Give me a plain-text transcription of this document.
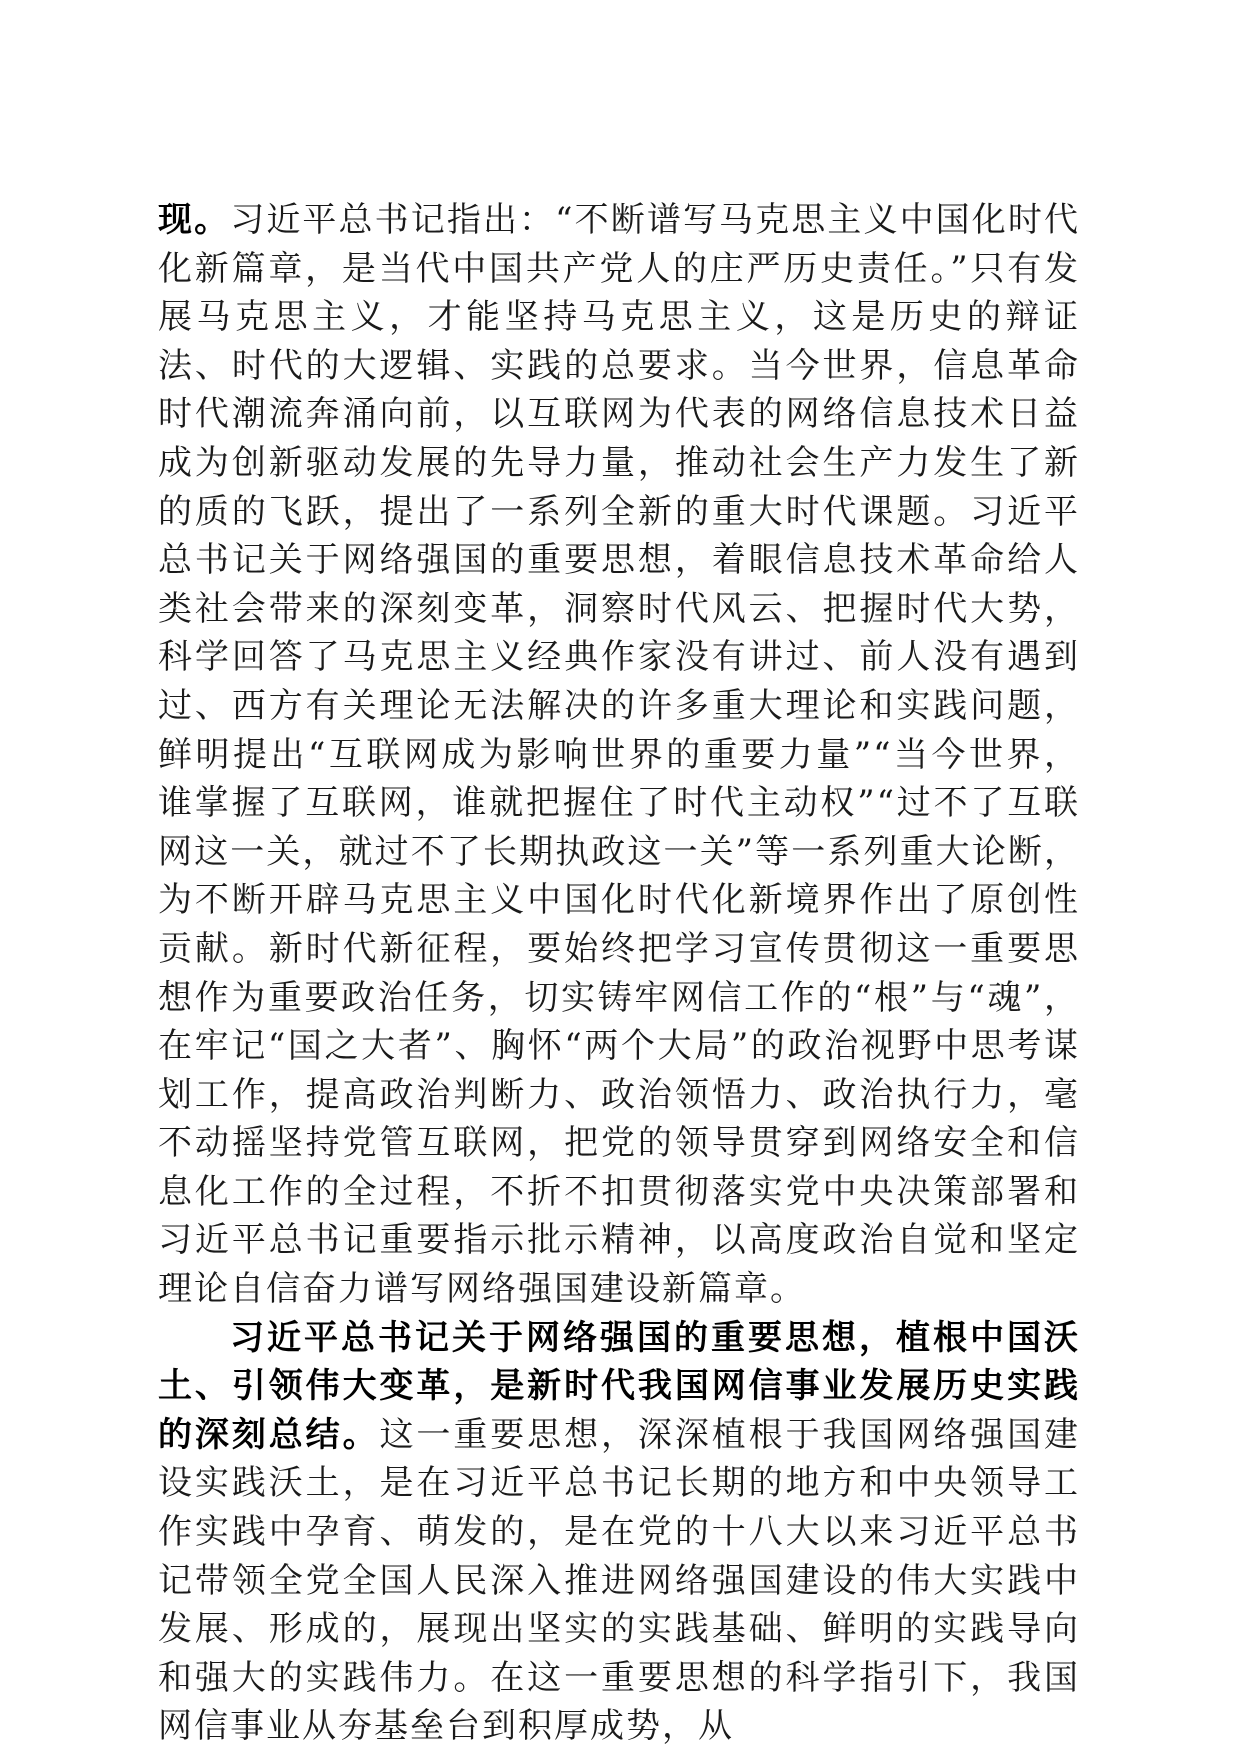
现。习近平总书记指出：“不断谱写马克思主义中国化时代化新篇章，是当代中国共产党人的庄严历史责任。”只有发展马克思主义，才能坚持马克思主义，这是历史的辩证法、时代的大逻辑、实践的总要求。当今世界，信息革命时代潮流奔涌向前，以互联网为代表的网络信息技术日益成为创新驱动发展的先导力量，推动社会生产力发生了新的质的飞跃，提出了一系列全新的重大时代课题。习近平总书记关于网络强国的重要思想，着眼信息技术革命给人类社会带来的深刻变革，洞察时代风云、把握时代大势，科学回答了马克思主义经典作家没有讲过、前人没有遇到过、西方有关理论无法解决的许多重大理论和实践问题，鲜明提出“互联网成为影响世界的重要力量”“当今世界，谁掌握了互联网，谁就把握住了时代主动权”“过不了互联网这一关，就过不了长期执政这一关”等一系列重大论断，为不断开辟马克思主义中国化时代化新境界作出了原创性贡献。新时代新征程，要始终把学习宣传贯彻这一重要思想作为重要政治任务，切实铸牢网信工作的“根”与“魂”，在牢记“国之大者”、胸怀“两个大局”的政治视野中思考谋划工作，提高政治判断力、政治领悟力、政治执行力，毫不动摇坚持党管互联网，把党的领导贯穿到网络安全和信息化工作的全过程，不折不扣贯彻落实党中央决策部署和习近平总书记重要指示批示精神，以高度政治自觉和坚定理论自信奋力谱写网络强国建设新篇章。

习近平总书记关于网络强国的重要思想，植根中国沃土、引领伟大变革，是新时代我国网信事业发展历史实践的深刻总结。这一重要思想，深深植根于我国网络强国建设实践沃土，是在习近平总书记长期的地方和中央领导工作实践中孕育、萌发的，是在党的十八大以来习近平总书记带领全党全国人民深入推进网络强国建设的伟大实践中发展、形成的，展现出坚实的实践基础、鲜明的实践导向和强大的实践伟力。在这一重要思想的科学指引下，我国网信事业从夯基垒台到积厚成势，从
